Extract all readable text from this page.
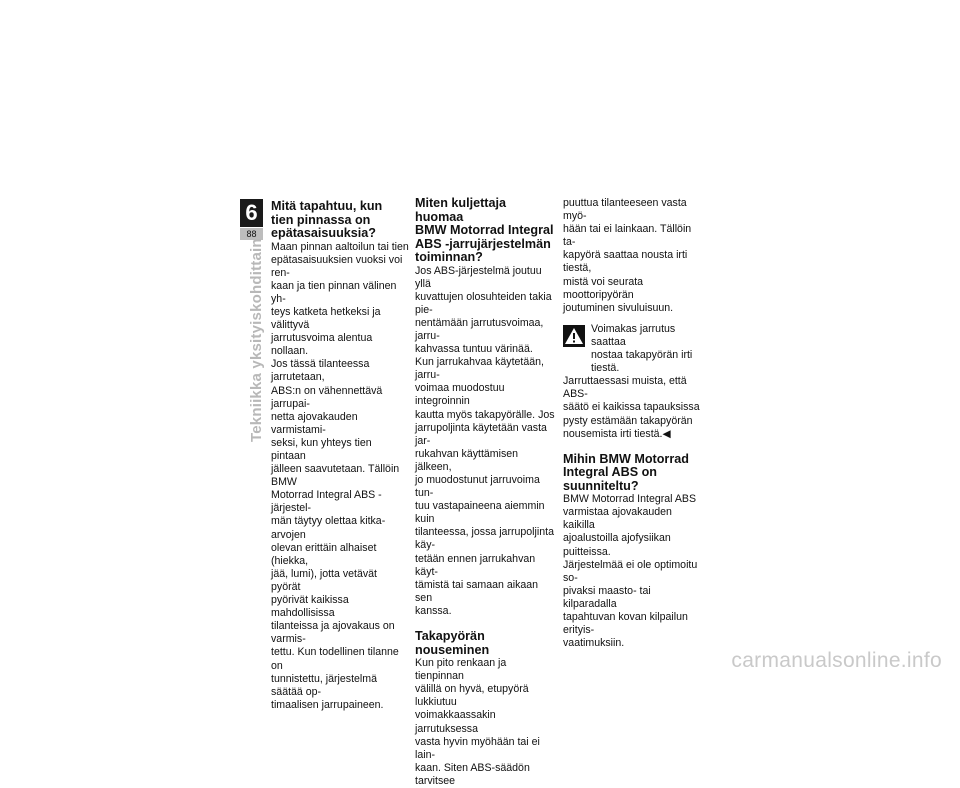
6
88
Tekniikka yksityiskohdittain
Mitä tapahtuu, kun
tien pinnassa on
epätasaisuuksia?

Maan pinnan aaltoilun tai tien
epätasaisuuksien vuoksi voi ren-
kaan ja tien pinnan välinen yh-
teys katketa hetkeksi ja välittyvä
jarrutusvoima alentua nollaan.
Jos tässä tilanteessa jarrutetaan,
ABS:n on vähennettävä jarrupai-
netta ajovakauden varmistami-
seksi, kun yhteys tien pintaan
jälleen saavutetaan. Tällöin BMW
Motorrad Integral ABS -järjestel-
män täytyy olettaa kitka-arvojen
olevan erittäin alhaiset (hiekka,
jää, lumi), jotta vetävät pyörät
pyörivät kaikissa mahdollisissa
tilanteissa ja ajovakaus on varmis-
tettu. Kun todellinen tilanne on
tunnistettu, järjestelmä säätää op-
timaalisen jarrupaineen.

Miten kuljettaja huomaa
BMW Motorrad Integral
ABS -jarrujärjestelmän
toiminnan?

Jos ABS-järjestelmä joutuu yllä
kuvattujen olosuhteiden takia pie-
nentämään jarrutusvoimaa, jarru-
kahvassa tuntuu värinää.
Kun jarrukahvaa käytetään, jarru-
voimaa muodostuu integroinnin
kautta myös takapyörälle. Jos
jarrupoljinta käytetään vasta jar-
rukahvan käyttämisen jälkeen,
jo muodostunut jarruvoima tun-
tuu vastapaineena aiemmin kuin
tilanteessa, jossa jarrupoljinta käy-
tetään ennen jarrukahvan käyt-
tämistä tai samaan aikaan sen
kanssa.

Takapyörän nouseminen

Kun pito renkaan ja tienpinnan
välillä on hyvä, etupyörä lukkiutuu
voimakkaassakin jarrutuksessa
vasta hyvin myöhään tai ei lain-
kaan. Siten ABS-säädön tarvitsee

puuttua tilanteeseen vasta myö-
hään tai ei lainkaan. Tällöin ta-
kapyörä saattaa nousta irti tiestä,
mistä voi seurata moottoripyörän
joutuminen sivuluisuun.

Voimakas jarrutus saattaa
nostaa takapyörän irti tiestä.

Jarruttaessasi muista, että ABS-
säätö ei kaikissa tapauksissa
pysty estämään takapyörän
nousemista irti tiestä.◀

Mihin BMW Motorrad
Integral ABS on
suunniteltu?

BMW Motorrad Integral ABS
varmistaa ajovakauden kaikilla
ajoalustoilla ajofysiikan puitteissa.
Järjestelmää ei ole optimoitu so-
pivaksi maasto- tai kilparadalla
tapahtuvan kovan kilpailun erityis-
vaatimuksiin.

carmanualsonline.info
